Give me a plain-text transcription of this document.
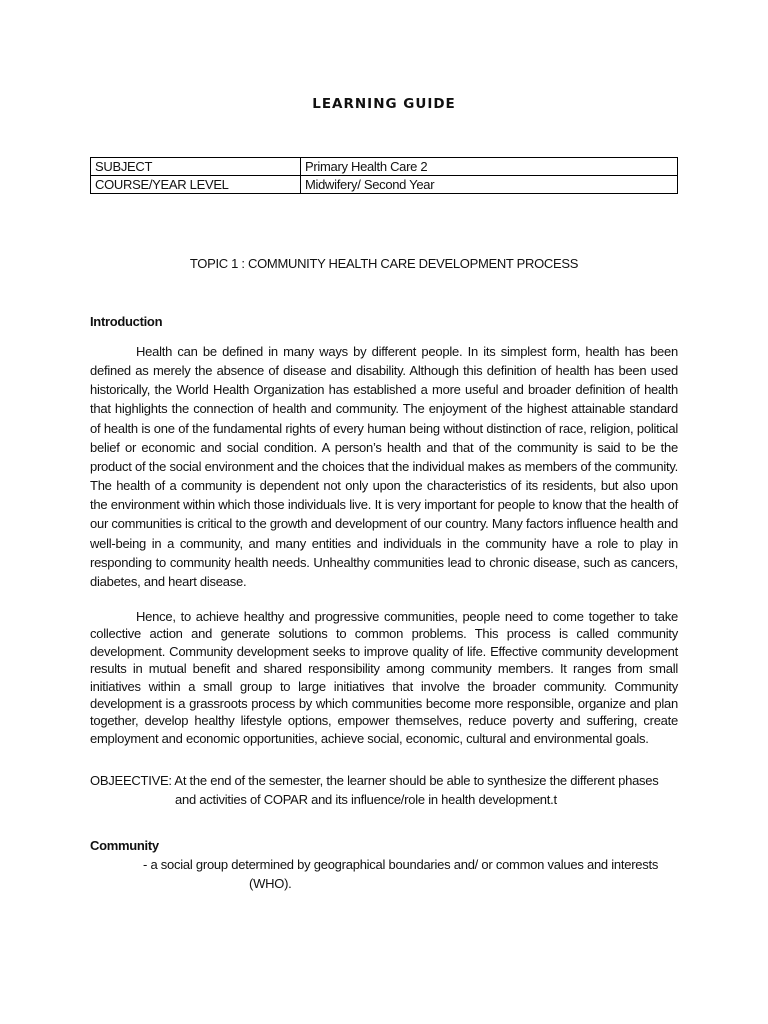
LEARNING GUIDE
SUBJECT	Primary Health Care 2
COURSE/YEAR LEVEL	Midwifery/ Second Year
TOPIC 1 : COMMUNITY HEALTH CARE DEVELOPMENT PROCESS
Introduction
Health can be defined in many ways by different people. In its simplest form, health has been defined as merely the absence of disease and disability. Although this definition of health has been used historically, the World Health Organization has established a more useful and broader definition of health that highlights the connection of health and community. The enjoyment of the highest attainable standard of health is one of the fundamental rights of every human being without distinction of race, religion, political belief or economic and social condition. A person’s health and that of the community is said to be the product of the social environment and the choices that the individual makes as members of the community. The health of a community is dependent not only upon the characteristics of its residents, but also upon the environment within which those individuals live. It is very important for people to know that the health of our communities is critical to the growth and development of our country. Many factors influence health and well-being in a community, and many entities and individuals in the community have a role to play in responding to community health needs. Unhealthy communities lead to chronic disease, such as cancers, diabetes, and heart disease.
Hence, to achieve healthy and progressive communities, people need to come together to take collective action and generate solutions to common problems. This process is called community development. Community development seeks to improve quality of life. Effective community development results in mutual benefit and shared responsibility among community members. It ranges from small initiatives within a small group to large initiatives that involve the broader community. Community development is a grassroots process by which communities become more responsible, organize and plan together, develop healthy lifestyle options, empower themselves, reduce poverty and suffering, create employment and economic opportunities, achieve social, economic, cultural and environmental goals.
OBJEECTIVE: At the end of the semester, the learner should be able to synthesize the different phases
and activities of COPAR and its influence/role in health development.t
Community
- a social group determined by geographical boundaries and/ or common values and interests
(WHO).
